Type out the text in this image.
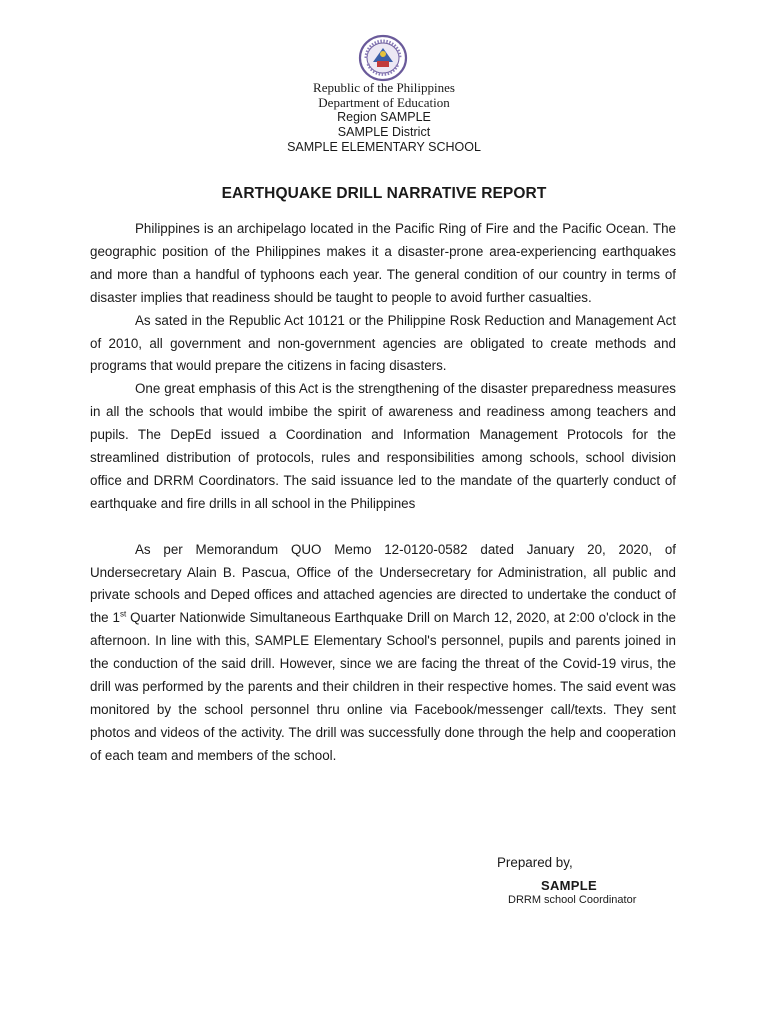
Republic of the Philippines
Department of Education
Region SAMPLE
SAMPLE District
SAMPLE ELEMENTARY SCHOOL
EARTHQUAKE DRILL NARRATIVE REPORT

Philippines is an archipelago located in the Pacific Ring of Fire and the Pacific Ocean. The geographic position of the Philippines makes it a disaster-prone area-experiencing earthquakes and more than a handful of typhoons each year. The general condition of our country in terms of disaster implies that readiness should be taught to people to avoid further casualties.

As sated in the Republic Act 10121 or the Philippine Rosk Reduction and Management Act of 2010, all government and non-government agencies are obligated to create methods and programs that would prepare the citizens in facing disasters.

One great emphasis of this Act is the strengthening of the disaster preparedness measures in all the schools that would imbibe the spirit of awareness and readiness among teachers and pupils. The DepEd issued a Coordination and Information Management Protocols for the streamlined distribution of protocols, rules and responsibilities among schools, school division office and DRRM Coordinators. The said issuance led to the mandate of the quarterly conduct of earthquake and fire drills in all school in the Philippines

As per Memorandum QUO Memo 12-0120-0582 dated January 20, 2020, of Undersecretary Alain B. Pascua, Office of the Undersecretary for Administration, all public and private schools and Deped offices and attached agencies are directed to undertake the conduct of the 1st Quarter Nationwide Simultaneous Earthquake Drill on March 12, 2020, at 2:00 o'clock in the afternoon. In line with this, SAMPLE Elementary School's personnel, pupils and parents joined in the conduction of the said drill. However, since we are facing the threat of the Covid-19 virus, the drill was performed by the parents and their children in their respective homes. The said event was monitored by the school personnel thru online via Facebook/messenger call/texts. They sent photos and videos of the activity. The drill was successfully done through the help and cooperation of each team and members of the school.

Prepared by,
SAMPLE
DRRM school Coordinator
